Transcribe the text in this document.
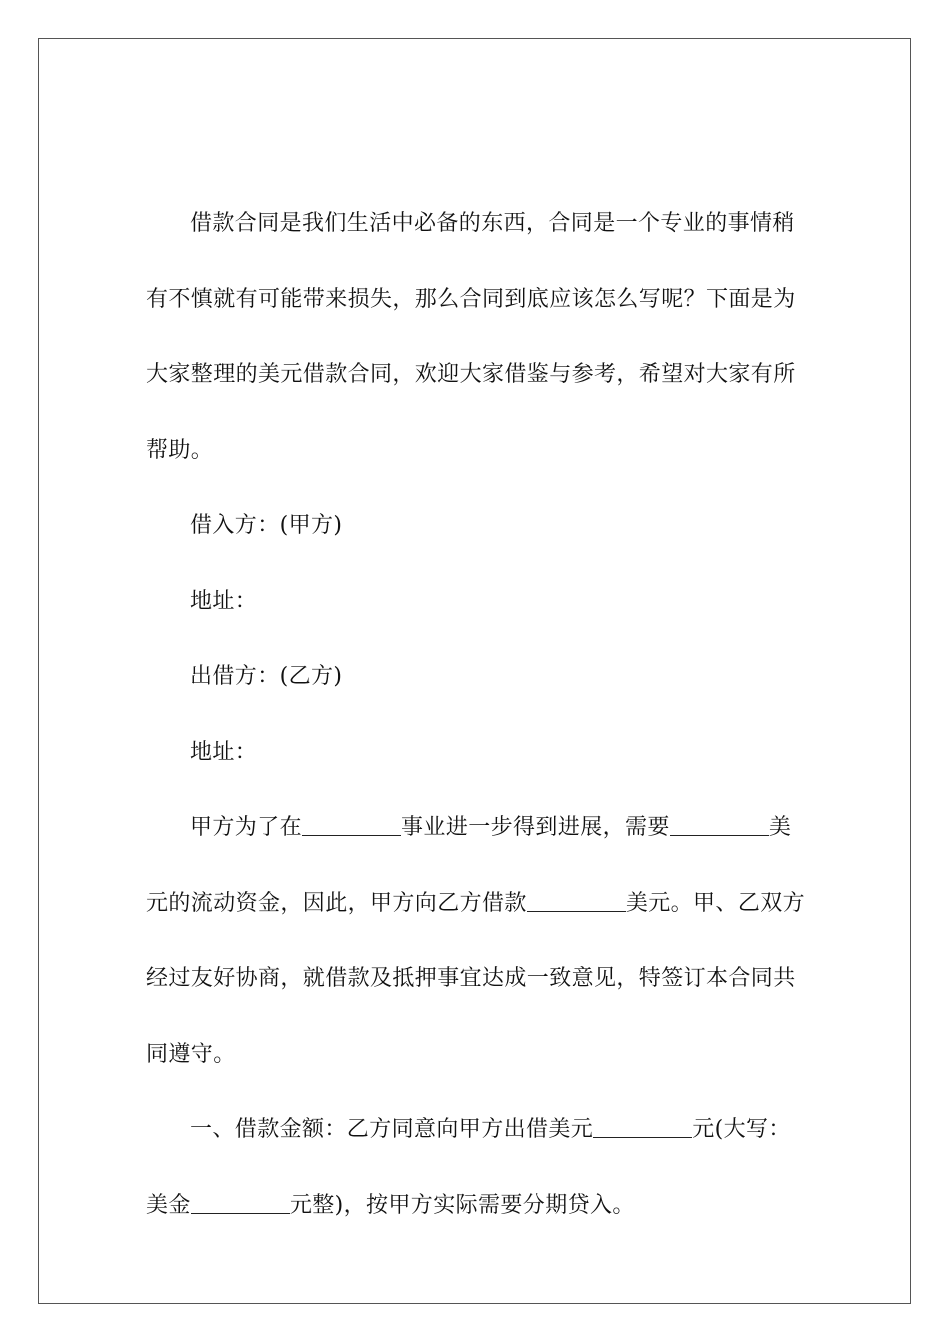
借款合同是我们生活中必备的东西，合同是一个专业的事情稍
有不慎就有可能带来损失，那么合同到底应该怎么写呢？下面是为
大家整理的美元借款合同，欢迎大家借鉴与参考，希望对大家有所
帮助。
借入方：(甲方)
地址：
出借方：(乙方)
地址：
甲方为了在	事业进一步得到进展，需要	美
元的流动资金，因此，甲方向乙方借款	美元。甲、乙双方
经过友好协商，就借款及抵押事宜达成一致意见，特签订本合同共
同遵守。
一、借款金额：乙方同意向甲方出借美元	元(大写：
美金	元整)，按甲方实际需要分期贷入。
